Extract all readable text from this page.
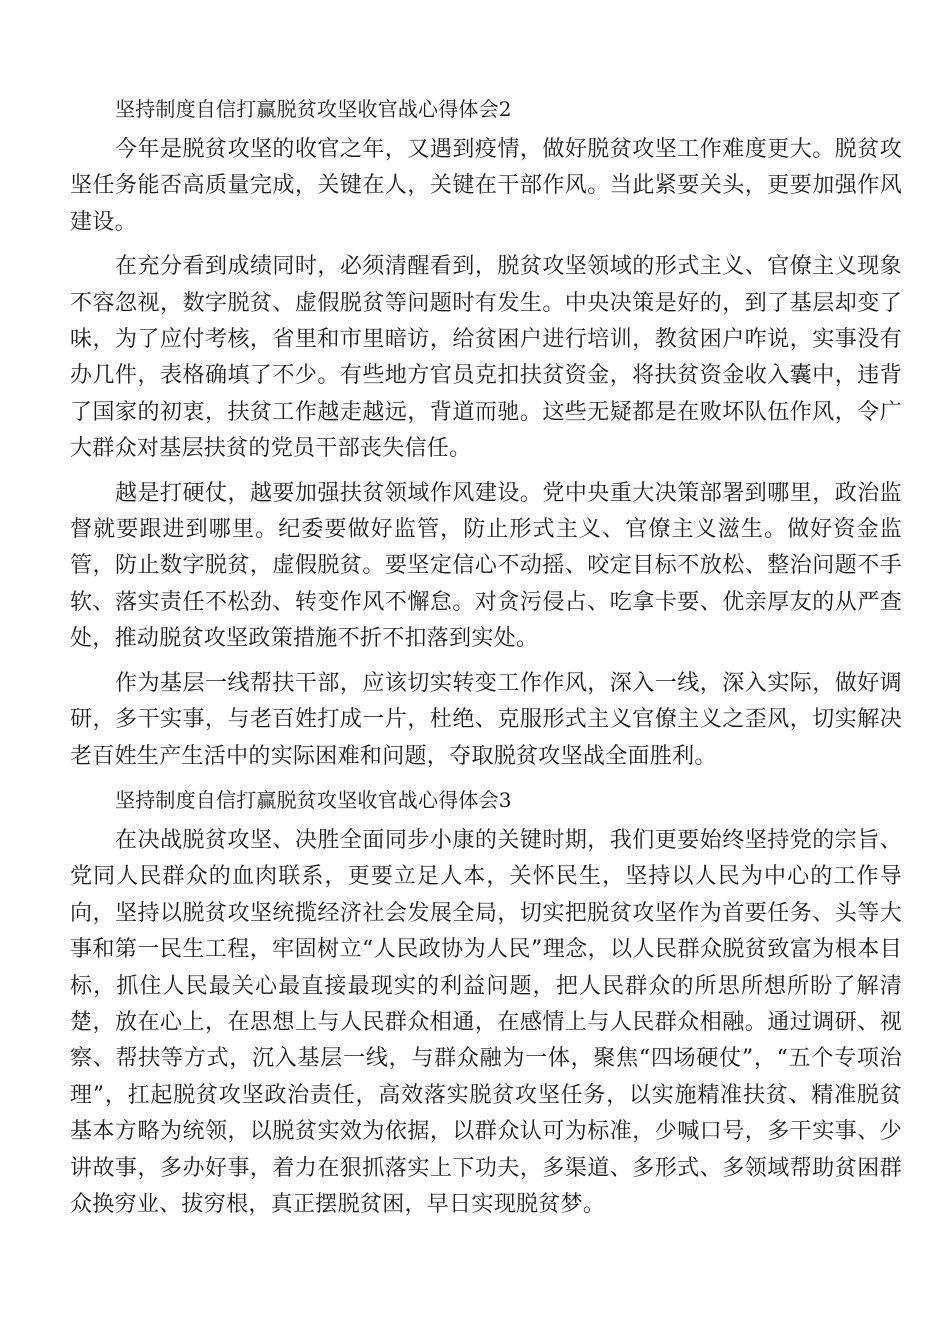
坚持制度自信打赢脱贫攻坚收官战心得体会2

今年是脱贫攻坚的收官之年，又遇到疫情，做好脱贫攻坚工作难度更大。脱贫攻坚任务能否高质量完成，关键在人，关键在干部作风。当此紧要关头，更要加强作风建设。

在充分看到成绩同时，必须清醒看到，脱贫攻坚领域的形式主义、官僚主义现象不容忽视，数字脱贫、虚假脱贫等问题时有发生。中央决策是好的，到了基层却变了味，为了应付考核，省里和市里暗访，给贫困户进行培训，教贫困户咋说，实事没有办几件，表格确填了不少。有些地方官员克扣扶贫资金，将扶贫资金收入囊中，违背了国家的初衷，扶贫工作越走越远，背道而驰。这些无疑都是在败坏队伍作风，令广大群众对基层扶贫的党员干部丧失信任。

越是打硬仗，越要加强扶贫领域作风建设。党中央重大决策部署到哪里，政治监督就要跟进到哪里。纪委要做好监管，防止形式主义、官僚主义滋生。做好资金监管，防止数字脱贫，虚假脱贫。要坚定信心不动摇、咬定目标不放松、整治问题不手软、落实责任不松劲、转变作风不懈怠。对贪污侵占、吃拿卡要、优亲厚友的从严查处，推动脱贫攻坚政策措施不折不扣落到实处。

作为基层一线帮扶干部，应该切实转变工作作风，深入一线，深入实际，做好调研，多干实事，与老百姓打成一片，杜绝、克服形式主义官僚主义之歪风，切实解决老百姓生产生活中的实际困难和问题，夺取脱贫攻坚战全面胜利。

坚持制度自信打赢脱贫攻坚收官战心得体会3

在决战脱贫攻坚、决胜全面同步小康的关键时期，我们更要始终坚持党的宗旨、党同人民群众的血肉联系，更要立足人本，关怀民生，坚持以人民为中心的工作导向，坚持以脱贫攻坚统揽经济社会发展全局，切实把脱贫攻坚作为首要任务、头等大事和第一民生工程，牢固树立“人民政协为人民”理念，以人民群众脱贫致富为根本目标，抓住人民最关心最直接最现实的利益问题，把人民群众的所思所想所盼了解清楚，放在心上，在思想上与人民群众相通，在感情上与人民群众相融。通过调研、视察、帮扶等方式，沉入基层一线，与群众融为一体，聚焦“四场硬仗”，“五个专项治理”，扛起脱贫攻坚政治责任，高效落实脱贫攻坚任务，以实施精准扶贫、精准脱贫基本方略为统领，以脱贫实效为依据，以群众认可为标准，少喊口号，多干实事、少讲故事，多办好事，着力在狠抓落实上下功夫，多渠道、多形式、多领域帮助贫困群众换穷业、拔穷根，真正摆脱贫困，早日实现脱贫梦。
